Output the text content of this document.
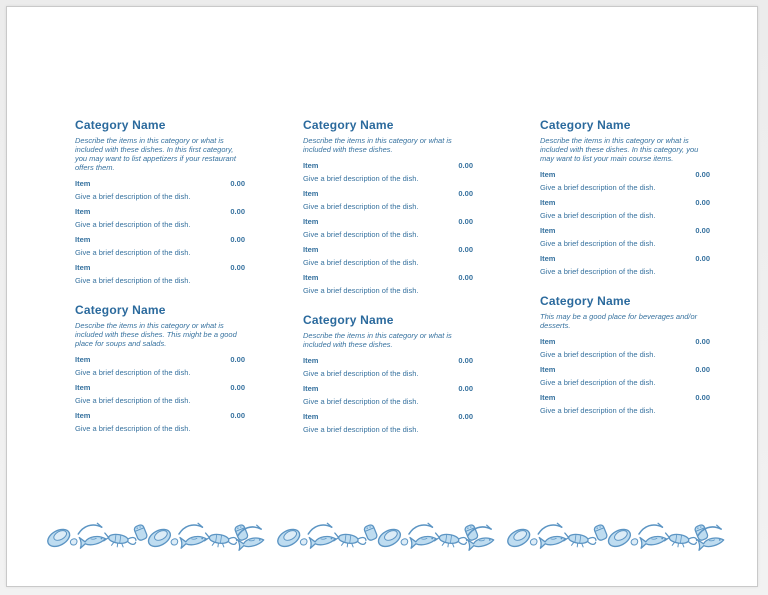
Category Name

Describe the items in this category or what is included with these dishes. In this first category, you may want to list appetizers if your restaurant offers them.

Item	0.00

Give a brief description of the dish.

Item	0.00

Give a brief description of the dish.

Item	0.00

Give a brief description of the dish.

Item	0.00

Give a brief description of the dish.

Category Name

Describe the items in this category or what is included with these dishes. This might be a good place for soups and salads.

Item	0.00

Give a brief description of the dish.

Item	0.00

Give a brief description of the dish.

Item	0.00

Give a brief description of the dish.

Category Name

Describe the items in this category or what is included with these dishes.

Item	0.00

Give a brief description of the dish.

Item	0.00

Give a brief description of the dish.

Item	0.00

Give a brief description of the dish.

Item	0.00

Give a brief description of the dish.

Item	0.00

Give a brief description of the dish.

Category Name

Describe the items in this category or what is included with these dishes.

Item	0.00

Give a brief description of the dish.

Item	0.00

Give a brief description of the dish.

Item	0.00

Give a brief description of the dish.

Category Name

Describe the items in this category or what is included with these dishes. In this category, you may want to list your main course items.

Item	0.00

Give a brief description of the dish.

Item	0.00

Give a brief description of the dish.

Item	0.00

Give a brief description of the dish.

Item	0.00

Give a brief description of the dish.

Category Name

This may be a good place for beverages and/or desserts.

Item	0.00

Give a brief description of the dish.

Item	0.00

Give a brief description of the dish.

Item	0.00

Give a brief description of the dish.
